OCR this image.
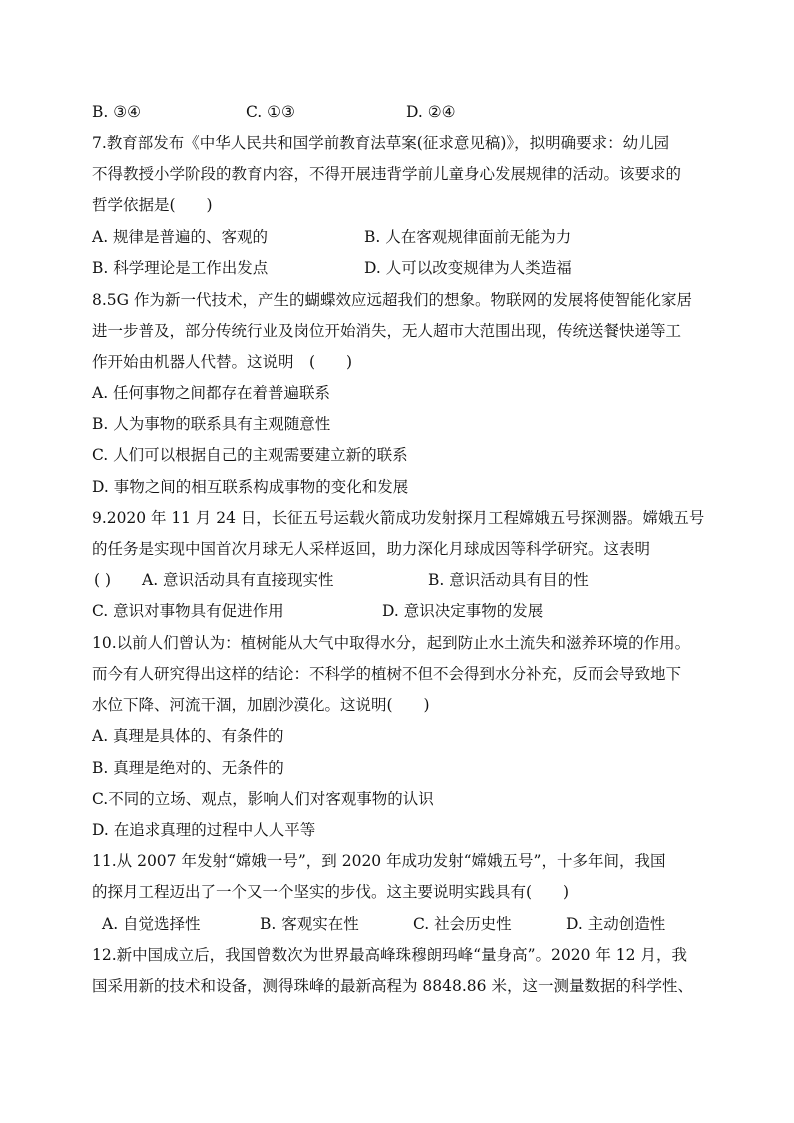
B. ③④	C. ①③	D. ②④
7.教育部发布《中华人民共和国学前教育法草案(征求意见稿)》，拟明确要求：幼儿园
不得教授小学阶段的教育内容，不得开展违背学前儿童身心发展规律的活动。该要求的
哲学依据是(　　)
A. 规律是普遍的、客观的	B. 人在客观规律面前无能为力
B. 科学理论是工作出发点	D. 人可以改变规律为人类造福
8.5G 作为新一代技术，产生的蝴蝶效应远超我们的想象。物联网的发展将使智能化家居
进一步普及，部分传统行业及岗位开始消失，无人超市大范围出现，传统送餐快递等工
作开始由机器人代替。这说明　(　　)
A. 任何事物之间都存在着普遍联系
B. 人为事物的联系具有主观随意性
C. 人们可以根据自己的主观需要建立新的联系
D. 事物之间的相互联系构成事物的变化和发展
9.2020 年 11 月 24 日，长征五号运载火箭成功发射探月工程嫦娥五号探测器。嫦娥五号
的任务是实现中国首次月球无人采样返回，助力深化月球成因等科学研究。这表明
( ) A. 意识活动具有直接现实性	B. 意识活动具有目的性
C. 意识对事物具有促进作用	D. 意识决定事物的发展
10.以前人们曾认为：植树能从大气中取得水分，起到防止水土流失和滋养环境的作用。
而今有人研究得出这样的结论：不科学的植树不但不会得到水分补充，反而会导致地下
水位下降、河流干涸，加剧沙漠化。这说明(　　)
A. 真理是具体的、有条件的
B. 真理是绝对的、无条件的
C.不同的立场、观点，影响人们对客观事物的认识
D. 在追求真理的过程中人人平等
11.从 2007 年发射“嫦娥一号”，到 2020 年成功发射“嫦娥五号”，十多年间，我国
的探月工程迈出了一个又一个坚实的步伐。这主要说明实践具有(　　)
A. 自觉选择性	B. 客观实在性	C. 社会历史性	D. 主动创造性
12.新中国成立后，我国曾数次为世界最高峰珠穆朗玛峰“量身高”。2020 年 12 月，我
国采用新的技术和设备，测得珠峰的最新高程为 8848.86 米，这一测量数据的科学性、
